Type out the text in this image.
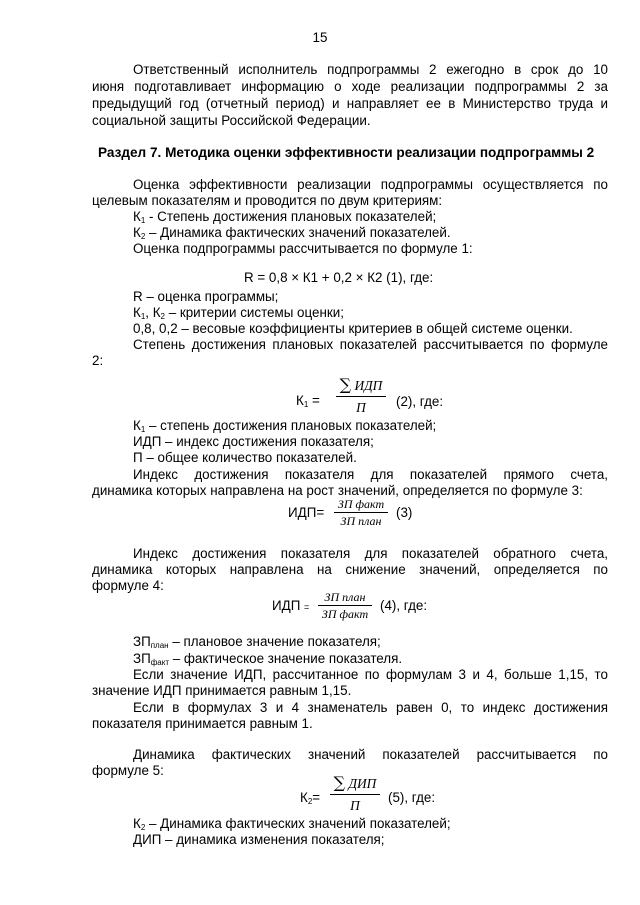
15
Ответственный исполнитель подпрограммы 2 ежегодно в срок до 10
июня подготавливает информацию о ходе реализации подпрограммы 2 за
предыдущий год (отчетный период) и направляет ее в Министерство труда и
социальной защиты Российской Федерации.
Раздел 7. Методика оценки эффективности реализации подпрограммы 2
Оценка эффективности реализации подпрограммы осуществляется по
целевым показателям и проводится по двум критериям:
$К_1$ - Степень достижения плановых показателей;
$К_2$ – Динамика фактических значений показателей.
Оценка подпрограммы рассчитывается по формуле 1:
R = 0,8 × К1 + 0,2 × К2 (1), где:
R – оценка программы;
$К_1$, $К_2$ – критерии системы оценки;
0,8, 0,2 – весовые коэффициенты критериев в общей системе оценки.
Степень достижения плановых показателей рассчитывается по формуле
2:
$К_1$ =
∑ ИДП
П	(2), где:
$К_1$ – степень достижения плановых показателей;
ИДП – индекс достижения показателя;
П – общее количество показателей.
Индекс достижения показателя для показателей прямого счета,
динамика которых направлена на рост значений, определяется по формуле 3:
ИДП=
ЗП факт
ЗП план
(3)
Индекс достижения показателя для показателей обратного счета,
динамика которых направлена на снижение значений, определяется по
формуле 4:
ИДП =
ЗП план
ЗП факт
(4), где:
$ЗП_{план}$ – плановое значение показателя;
$ЗП_{факт}$ – фактическое значение показателя.
Если значение ИДП, рассчитанное по формулам 3 и 4, больше 1,15, то
значение ИДП принимается равным 1,15.
Если в формулах 3 и 4 знаменатель равен 0, то индекс достижения
показателя принимается равным 1.
Динамика фактических значений показателей рассчитывается по
формуле 5:
$К_2=$
∑ ДИП
П
(5), где:
$К_2$ – Динамика фактических значений показателей;
ДИП – динамика изменения показателя;
